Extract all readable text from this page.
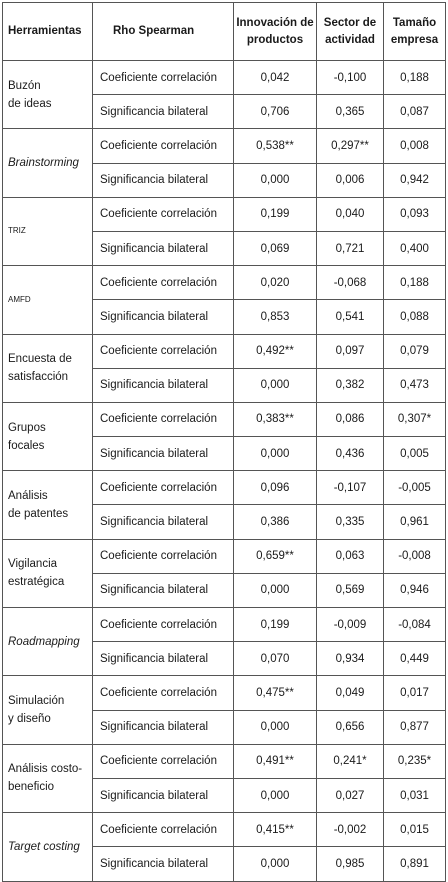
Herramientas	Rho Spearman	Innovación de productos	Sector de actividad	Tamaño empresa
Buzón
de ideas	Coeficiente correlación	0,042	-0,100	0,188
	Significancia bilateral	0,706	0,365	0,087
Brainstorming	Coeficiente correlación	0,538**	0,297**	0,008
	Significancia bilateral	0,000	0,006	0,942
TRIZ	Coeficiente correlación	0,199	0,040	0,093
	Significancia bilateral	0,069	0,721	0,400
AMFD	Coeficiente correlación	0,020	-0,068	0,188
	Significancia bilateral	0,853	0,541	0,088
Encuesta de
satisfacción	Coeficiente correlación	0,492**	0,097	0,079
	Significancia bilateral	0,000	0,382	0,473
Grupos
focales	Coeficiente correlación	0,383**	0,086	0,307*
	Significancia bilateral	0,000	0,436	0,005
Análisis
de patentes	Coeficiente correlación	0,096	-0,107	-0,005
	Significancia bilateral	0,386	0,335	0,961
Vigilancia
estratégica	Coeficiente correlación	0,659**	0,063	-0,008
	Significancia bilateral	0,000	0,569	0,946
Roadmapping	Coeficiente correlación	0,199	-0,009	-0,084
	Significancia bilateral	0,070	0,934	0,449
Simulación
y diseño	Coeficiente correlación	0,475**	0,049	0,017
	Significancia bilateral	0,000	0,656	0,877
Análisis costo-
beneficio	Coeficiente correlación	0,491**	0,241*	0,235*
	Significancia bilateral	0,000	0,027	0,031
Target costing	Coeficiente correlación	0,415**	-0,002	0,015
	Significancia bilateral	0,000	0,985	0,891
